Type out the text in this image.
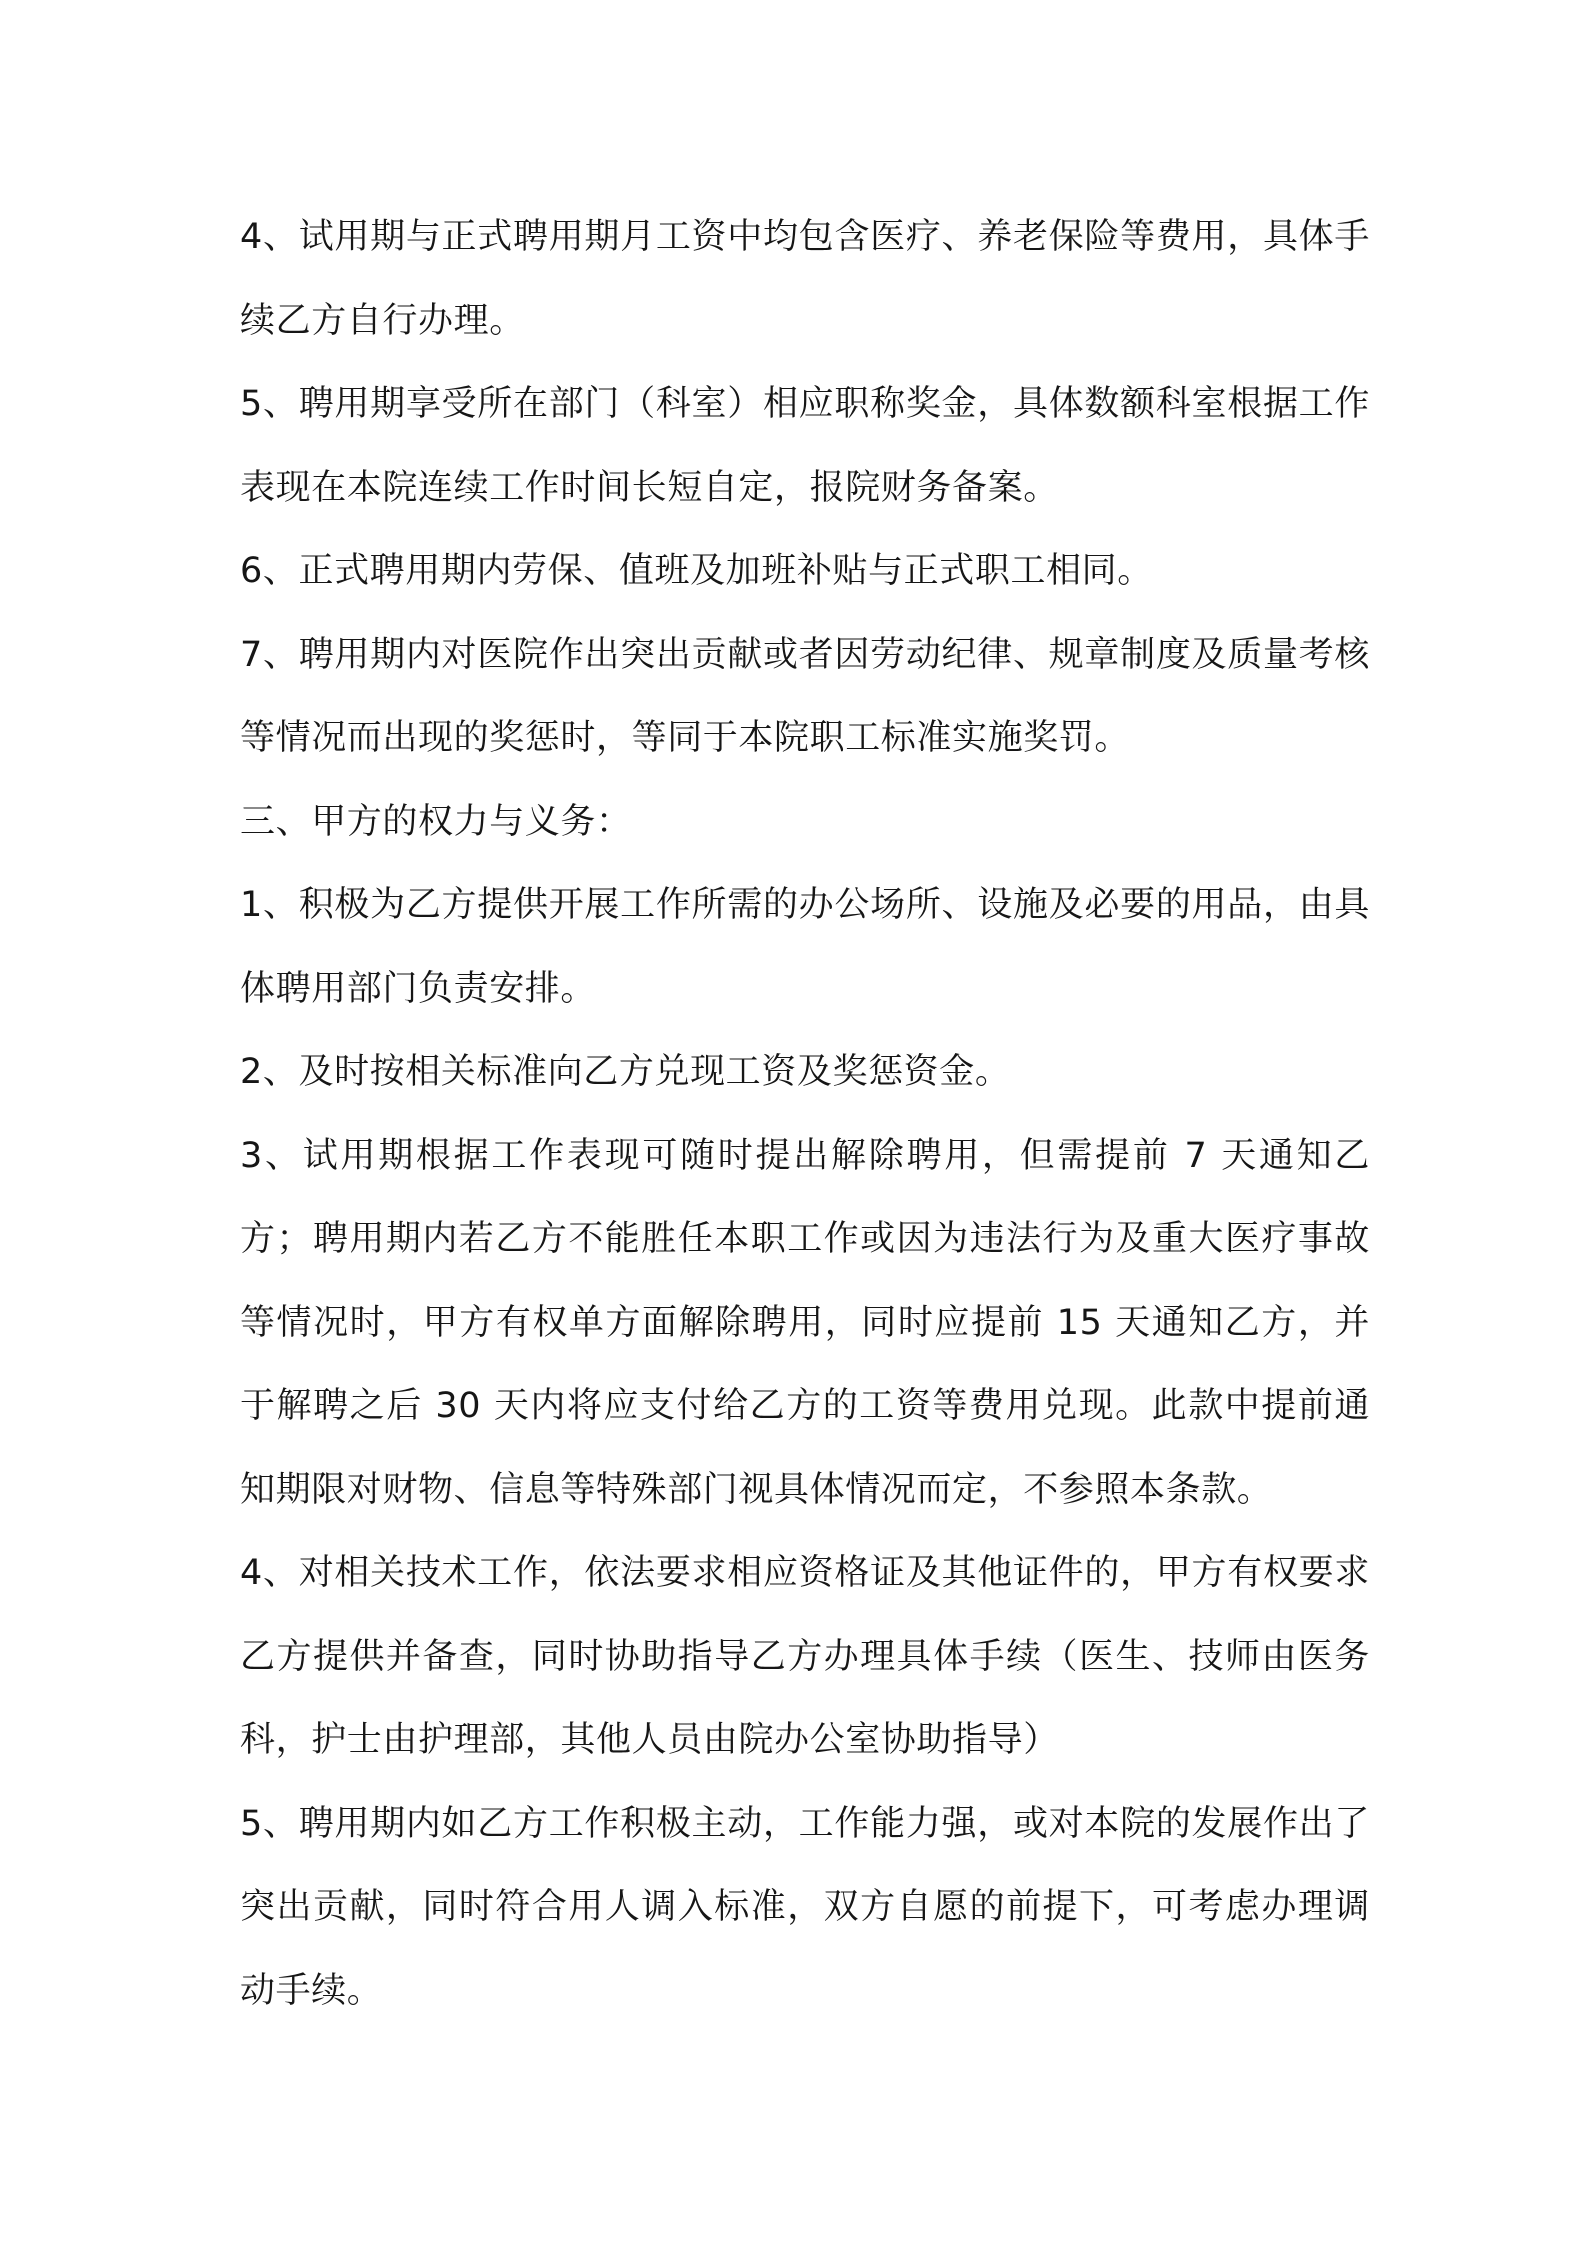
4、试用期与正式聘用期月工资中均包含医疗、养老保险等费用，具体手续乙方自行办理。

5、聘用期享受所在部门（科室）相应职称奖金，具体数额科室根据工作表现在本院连续工作时间长短自定，报院财务备案。

6、正式聘用期内劳保、值班及加班补贴与正式职工相同。

7、聘用期内对医院作出突出贡献或者因劳动纪律、规章制度及质量考核等情况而出现的奖惩时，等同于本院职工标准实施奖罚。

三、甲方的权力与义务：

1、积极为乙方提供开展工作所需的办公场所、设施及必要的用品，由具体聘用部门负责安排。

2、及时按相关标准向乙方兑现工资及奖惩资金。

3、试用期根据工作表现可随时提出解除聘用，但需提前 7 天通知乙方；聘用期内若乙方不能胜任本职工作或因为违法行为及重大医疗事故等情况时，甲方有权单方面解除聘用，同时应提前 15 天通知乙方，并于解聘之后 30 天内将应支付给乙方的工资等费用兑现。此款中提前通知期限对财物、信息等特殊部门视具体情况而定，不参照本条款。

4、对相关技术工作，依法要求相应资格证及其他证件的，甲方有权要求乙方提供并备查，同时协助指导乙方办理具体手续（医生、技师由医务科，护士由护理部，其他人员由院办公室协助指导）

5、聘用期内如乙方工作积极主动，工作能力强，或对本院的发展作出了突出贡献，同时符合用人调入标准，双方自愿的前提下，可考虑办理调动手续。
